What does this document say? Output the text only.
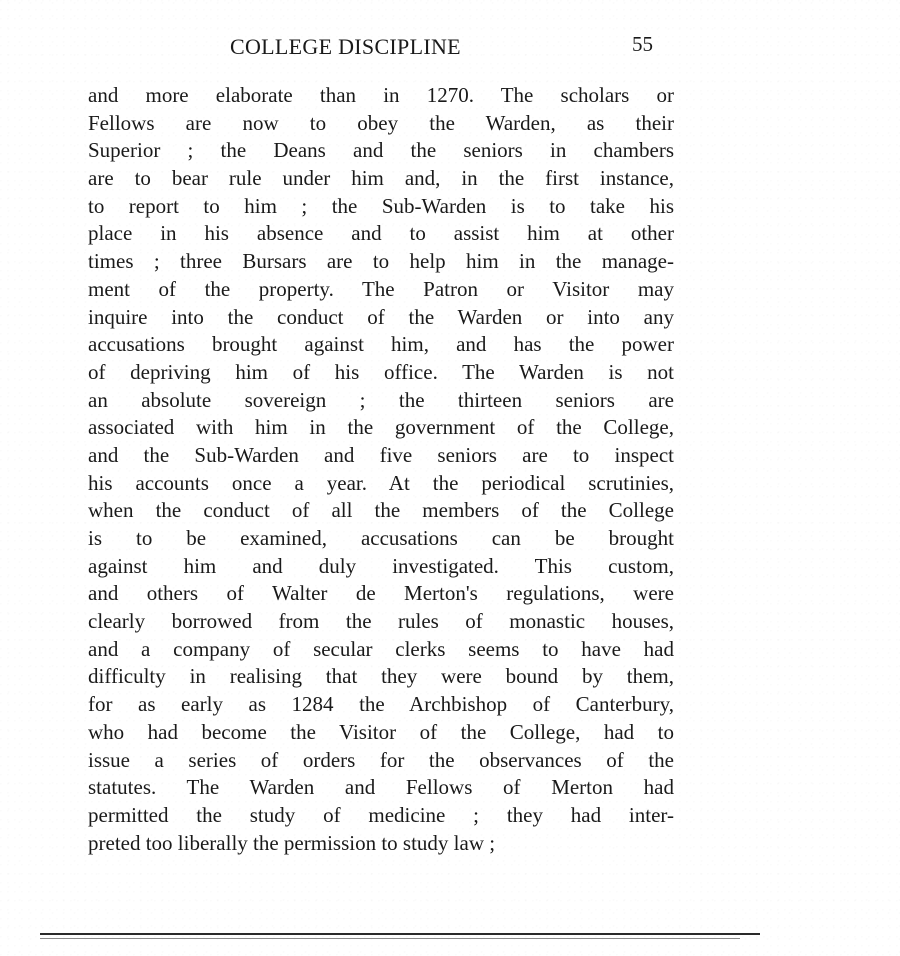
COLLEGE DISCIPLINE	55
and more elaborate than in 1270. The scholars or
Fellows are now to obey the Warden, as their
Superior ; the Deans and the seniors in chambers
are to bear rule under him and, in the first instance,
to report to him ; the Sub-Warden is to take his
place in his absence and to assist him at other
times ; three Bursars are to help him in the manage-
ment of the property. The Patron or Visitor may
inquire into the conduct of the Warden or into any
accusations brought against him, and has the power
of depriving him of his office. The Warden is not
an absolute sovereign ; the thirteen seniors are
associated with him in the government of the College,
and the Sub-Warden and five seniors are to inspect
his accounts once a year. At the periodical scrutinies,
when the conduct of all the members of the College
is to be examined, accusations can be brought
against him and duly investigated. This custom,
and others of Walter de Merton's regulations, were
clearly borrowed from the rules of monastic houses,
and a company of secular clerks seems to have had
difficulty in realising that they were bound by them,
for as early as 1284 the Archbishop of Canterbury,
who had become the Visitor of the College, had to
issue a series of orders for the observances of the
statutes. The Warden and Fellows of Merton had
permitted the study of medicine ; they had inter-
preted too liberally the permission to study law ;
